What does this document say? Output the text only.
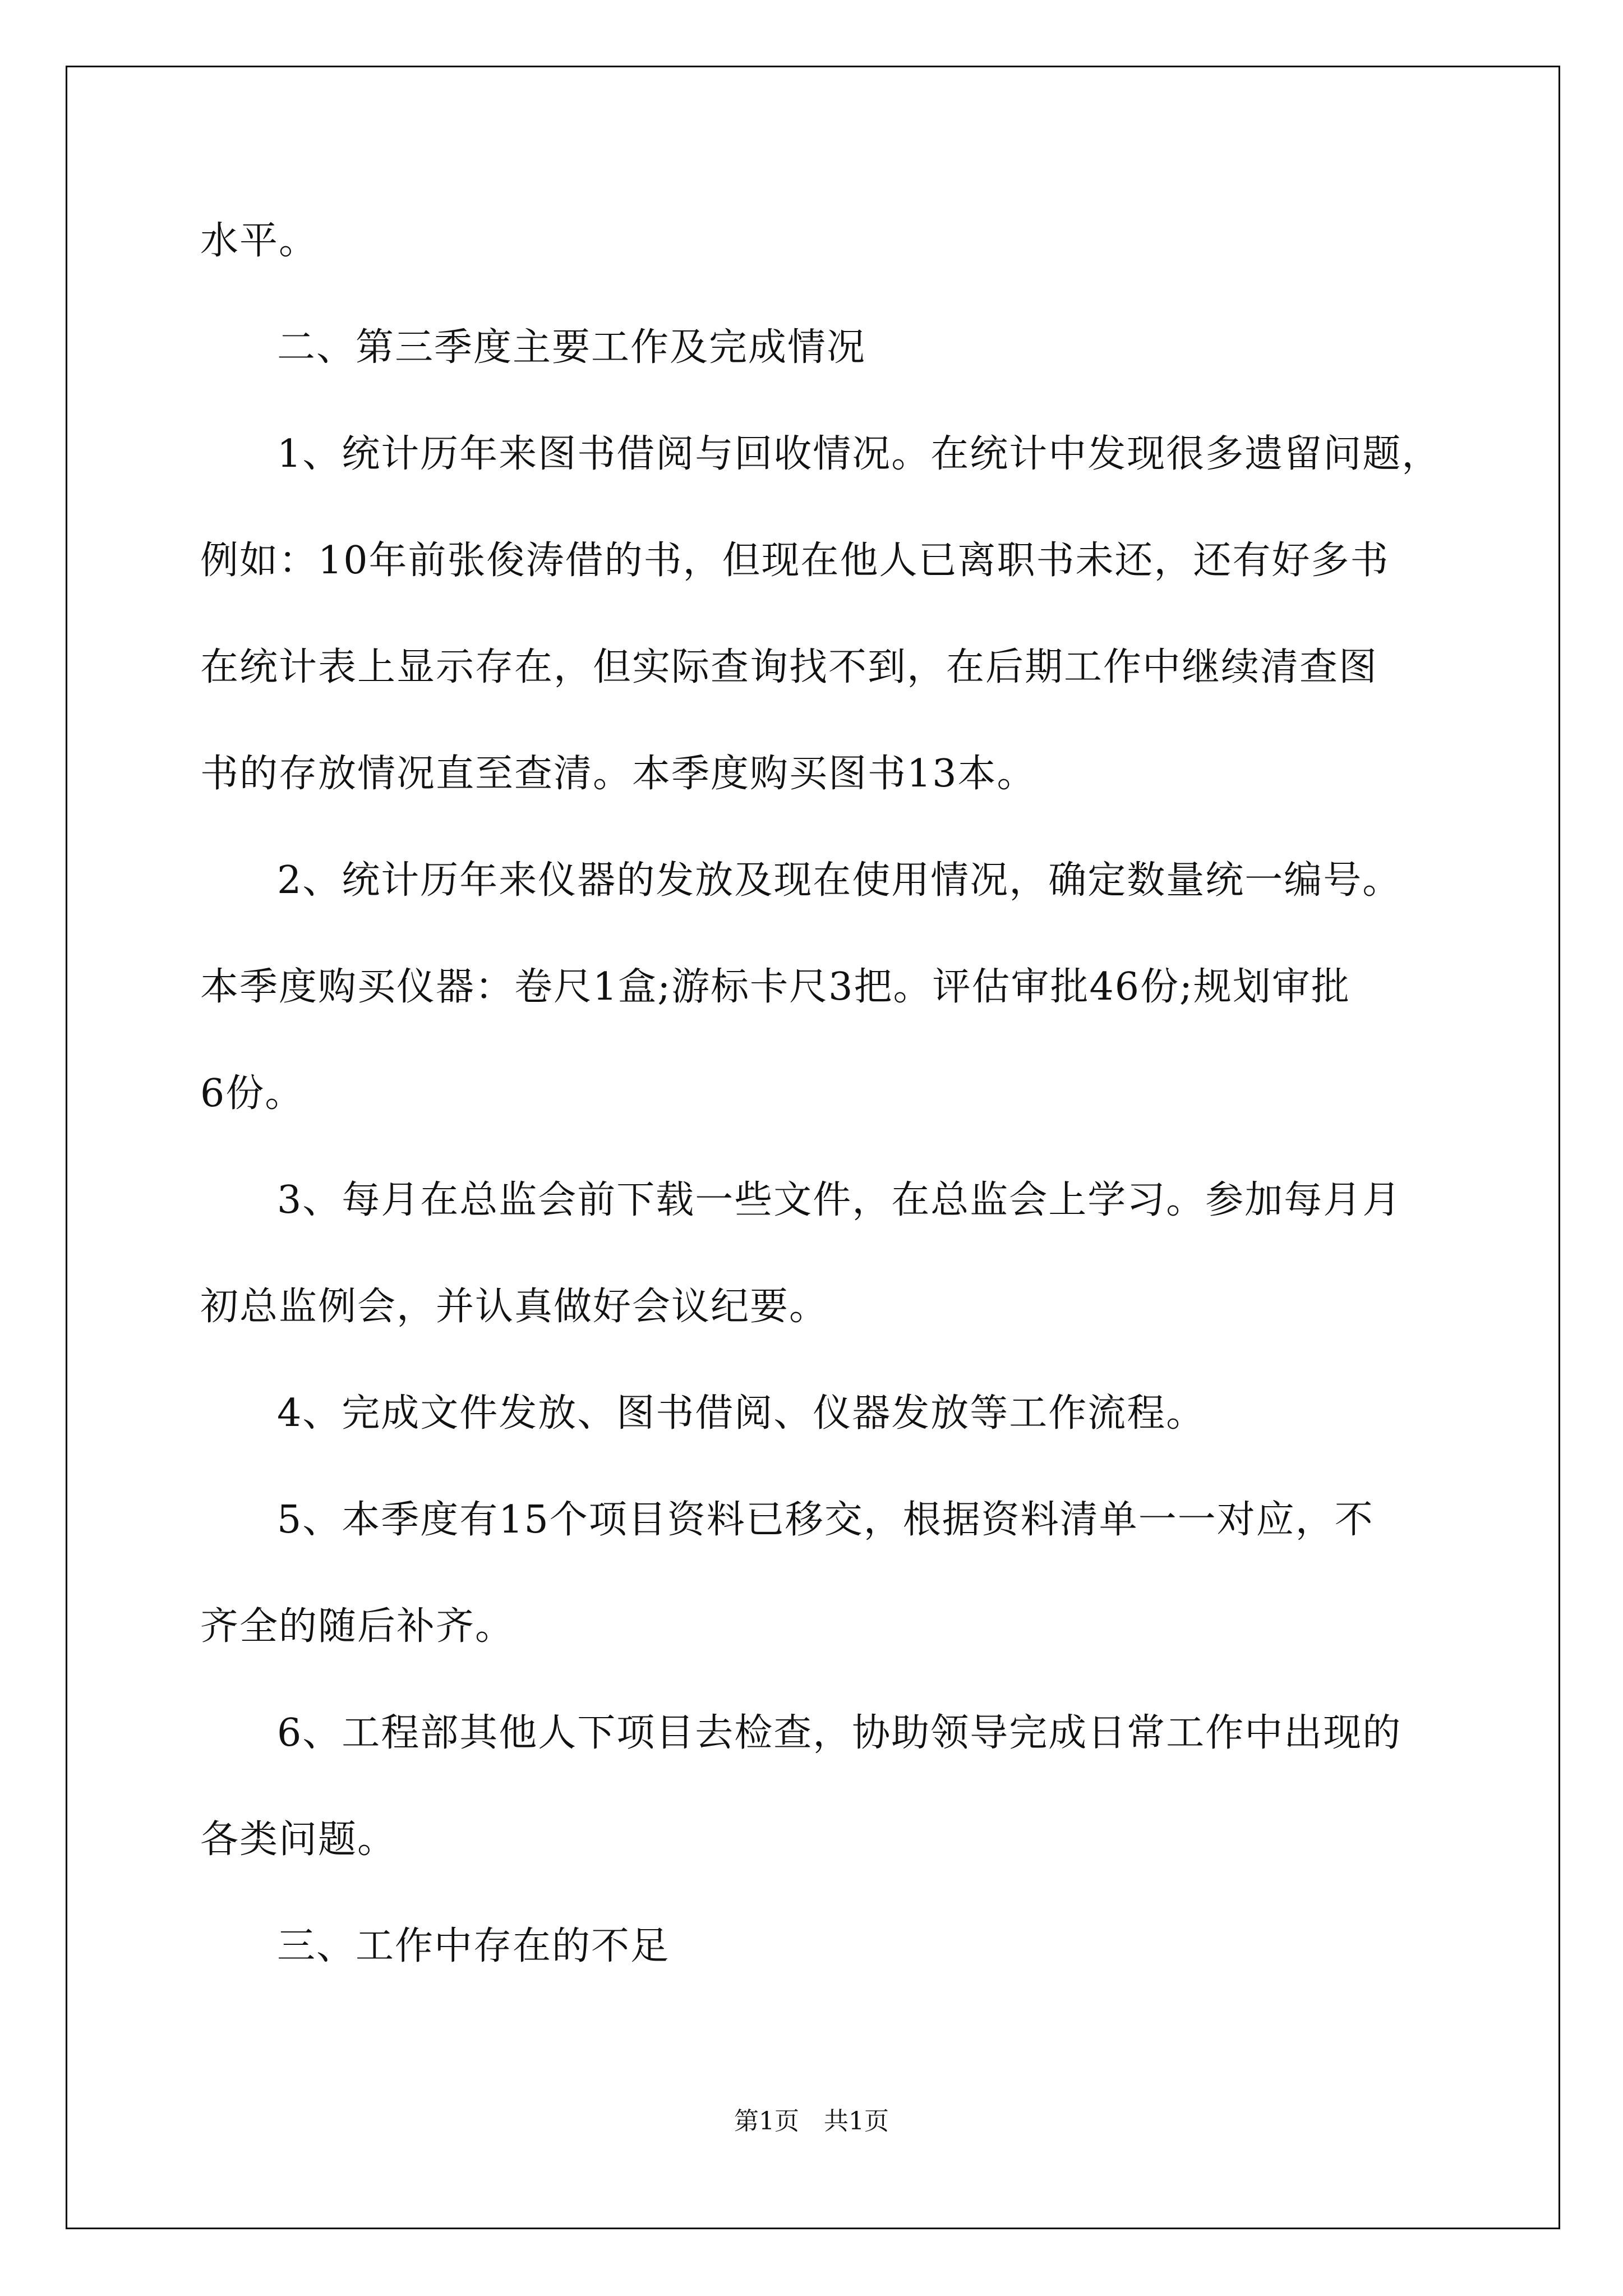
水平。

二、第三季度主要工作及完成情况

1、统计历年来图书借阅与回收情况。在统计中发现很多遗留问题，

例如：10年前张俊涛借的书，但现在他人已离职书未还，还有好多书

在统计表上显示存在，但实际查询找不到，在后期工作中继续清查图

书的存放情况直至查清。本季度购买图书13本。

2、统计历年来仪器的发放及现在使用情况，确定数量统一编号。

本季度购买仪器：卷尺1盒;游标卡尺3把。评估审批46份;规划审批

6份。

3、每月在总监会前下载一些文件，在总监会上学习。参加每月月

初总监例会，并认真做好会议纪要。

4、完成文件发放、图书借阅、仪器发放等工作流程。

5、本季度有15个项目资料已移交，根据资料清单一一对应，不

齐全的随后补齐。

6、工程部其他人下项目去检查，协助领导完成日常工作中出现的

各类问题。

三、工作中存在的不足

第1页　共1页
